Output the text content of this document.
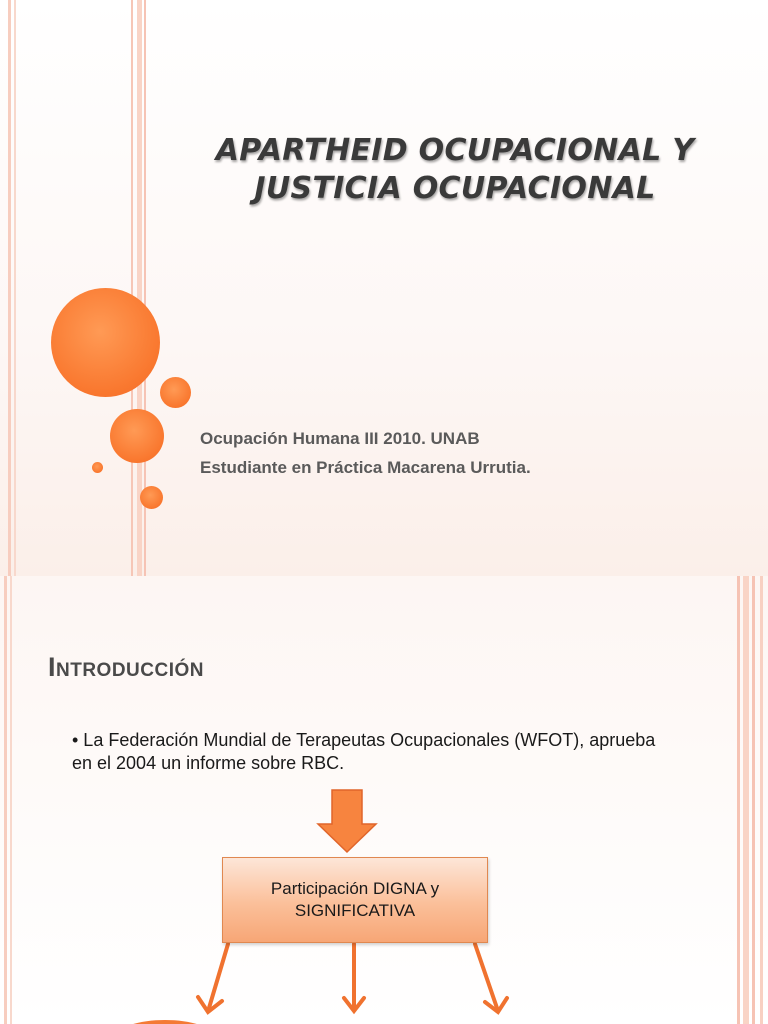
APARTHEID OCUPACIONAL Y JUSTICIA OCUPACIONAL
Ocupación Humana III 2010. UNAB
Estudiante en Práctica Macarena Urrutia.
Introducción

• La Federación Mundial de Terapeutas Ocupacionales (WFOT), aprueba en el 2004 un informe sobre RBC.

Participación DIGNA y SIGNIFICATIVA
